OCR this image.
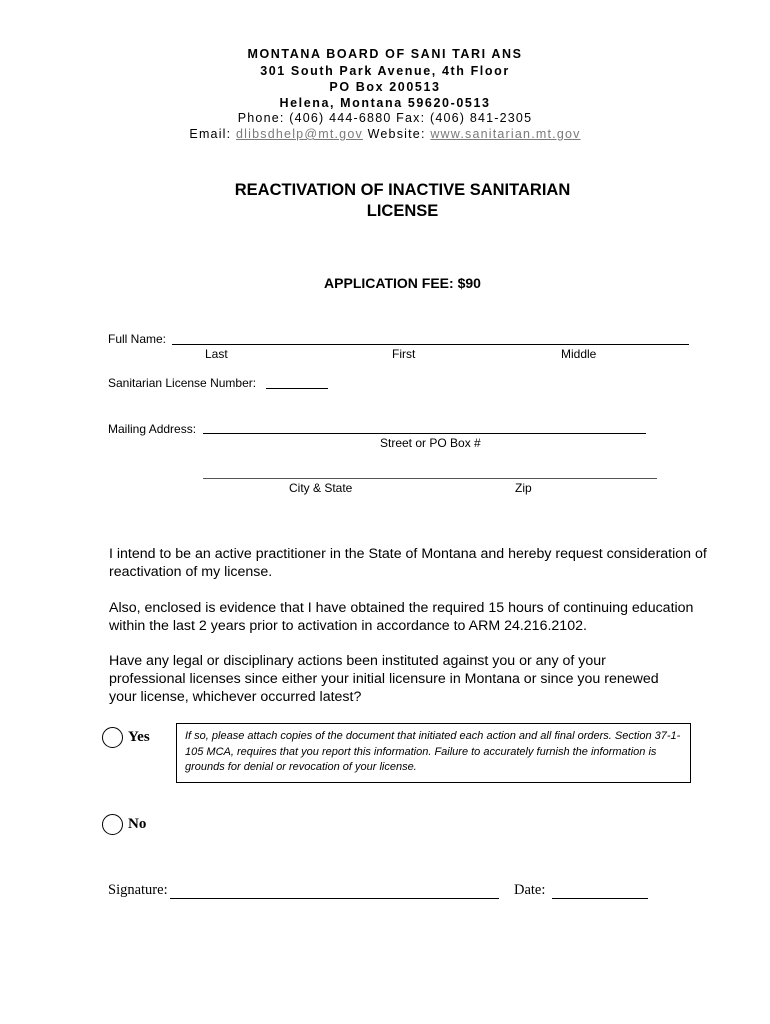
MONTANA BOARD OF SANI TARI ANS
301 South Park Avenue, 4th Floor
PO Box 200513
Helena, Montana 59620-0513
Phone: (406) 444-6880 Fax: (406) 841-2305
Email: dlibsdhelp@mt.gov Website: www.sanitarian.mt.gov
REACTIVATION OF INACTIVE SANITARIAN
LICENSE
APPLICATION FEE: $90
Full Name:
Last	First	Middle
Sanitarian License Number:
Mailing Address:
Street or PO Box #
City & State	Zip
I intend to be an active practitioner in the State of Montana and hereby request consideration of reactivation of my license.
Also, enclosed is evidence that I have obtained the required 15 hours of continuing education within the last 2 years prior to activation in accordance to ARM 24.216.2102.
Have any legal or disciplinary actions been instituted against you or any of your professional licenses since either your initial licensure in Montana or since you renewed your license, whichever occurred latest?
Yes	If so, please attach copies of the document that initiated each action and all final orders. Section 37-1-105 MCA, requires that you report this information. Failure to accurately furnish the information is grounds for denial or revocation of your license.
No
Signature:	Date:
